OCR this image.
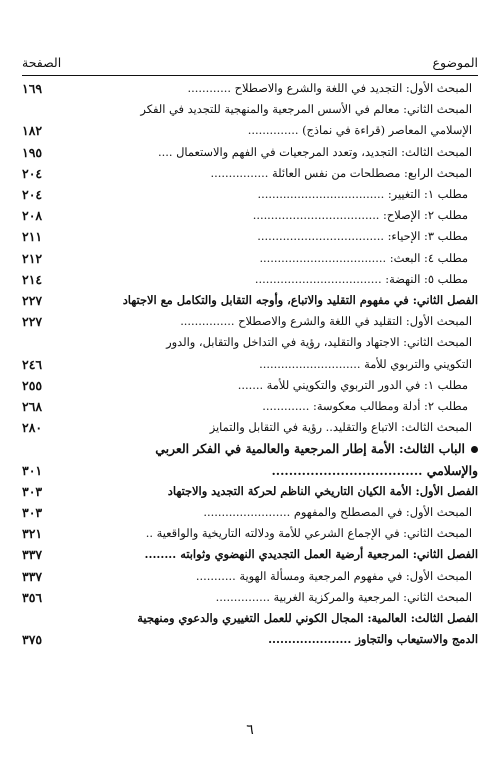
الموضوع
الصفحة
المبحث الأول: التجديد في اللغة والشرع والاصطلاح ............
١٦٩
المبحث الثاني: معالم في الأسس المرجعية والمنهجية للتجديد في الفكر
الإسلامي المعاصر (قراءة في نماذج) ..............
١٨٢
المبحث الثالث: التجديد، وتعدد المرجعيات في الفهم والاستعمال ....
١٩٥
المبحث الرابع: مصطلحات من نفس العائلة ................
٢٠٤
مطلب ١: التغيير: ...................................
٢٠٤
مطلب ٢: الإصلاح: ...................................
٢٠٨
مطلب ٣: الإحياء: ...................................
٢١١
مطلب ٤: البعث: ...................................
٢١٢
مطلب ٥: النهضة: ...................................
٢١٤
الفصل الثاني: في مفهوم التقليد والاتباع، وأوجه التقابل والتكامل مع الاجتهاد
٢٢٧
المبحث الأول: التقليد في اللغة والشرع والاصطلاح ...............
٢٢٧
المبحث الثاني: الاجتهاد والتقليد، رؤية في التداخل والتقابل، والدور
التكويني والتربوي للأمة ............................
٢٤٦
مطلب ١: في الدور التربوي والتكويني للأمة .......
٢٥٥
مطلب ٢: أدلة ومطالب معكوسة: .............
٢٦٨
المبحث الثالث: الاتباع والتقليد.. رؤية في التقابل والتمايز
٢٨٠
الباب الثالث: الأمة إطار المرجعية والعالمية في الفكر العربي
والإسلامي ...................................
٣٠١
الفصل الأول: الأمة الكيان التاريخي الناظم لحركة التجديد والاجتهاد
٣٠٣
المبحث الأول: في المصطلح والمفهوم ........................
٣٠٣
المبحث الثاني: في الإجماع الشرعي للأمة ودلالته التاريخية والواقعية ..
٣٢١
الفصل الثاني: المرجعية أرضية العمل التجديدي النهضوي وثوابته ........
٣٣٧
المبحث الأول: في مفهوم المرجعية ومسألة الهوية ...........
٣٣٧
المبحث الثاني: المرجعية والمركزية الغربية ...............
٣٥٦
الفصل الثالث: العالمية: المجال الكوني للعمل التغييري والدعوي ومنهجية
الدمج والاستيعاب والتجاوز .....................
٣٧٥
٦
